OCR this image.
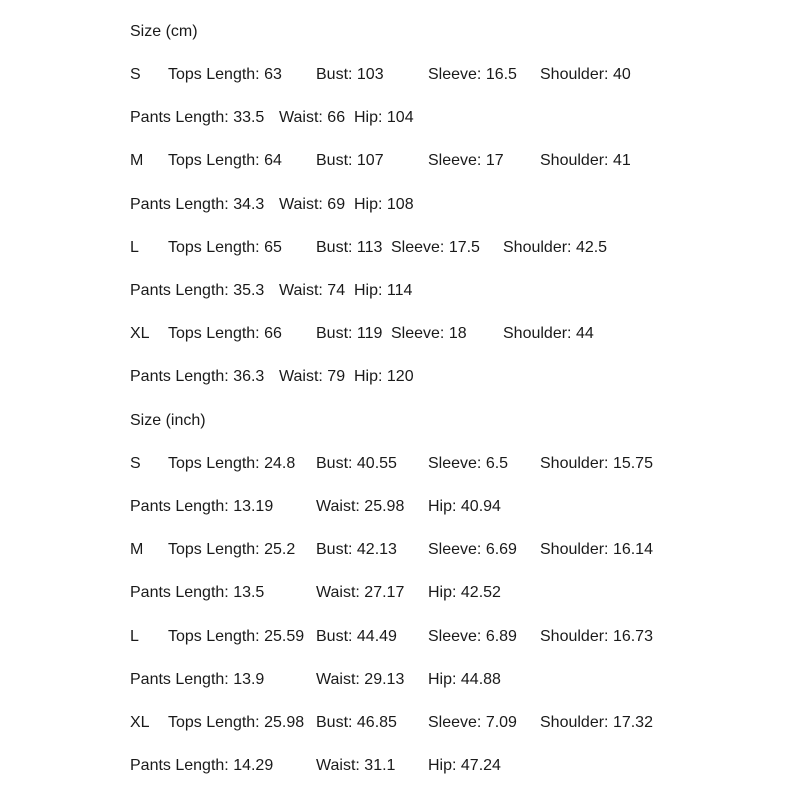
Size (cm)
S Tops Length: 63 Bust: 103	Sleeve: 16.5 Shoulder: 40
Pants Length: 33.5 Waist: 66 Hip: 104
M Tops Length: 64 Bust: 107	Sleeve: 17 Shoulder: 41
Pants Length: 34.3 Waist: 69 Hip: 108
L Tops Length: 65 Bust: 113 Sleeve: 17.5 Shoulder: 42.5
Pants Length: 35.3 Waist: 74 Hip: 114
XL Tops Length: 66 Bust: 119 Sleeve: 18 Shoulder: 44
Pants Length: 36.3 Waist: 79 Hip: 120
Size (inch)
S Tops Length: 24.8 Bust: 40.55 Sleeve: 6.5 Shoulder: 15.75
Pants Length: 13.19	Waist: 25.98 Hip: 40.94
M Tops Length: 25.2 Bust: 42.13 Sleeve: 6.69 Shoulder: 16.14
Pants Length: 13.5	Waist: 27.17 Hip: 42.52
L Tops Length: 25.59 Bust: 44.49 Sleeve: 6.89 Shoulder: 16.73
Pants Length: 13.9	Waist: 29.13 Hip: 44.88
XL Tops Length: 25.98 Bust: 46.85 Sleeve: 7.09 Shoulder: 17.32
Pants Length: 14.29	Waist: 31.1 Hip: 47.24
